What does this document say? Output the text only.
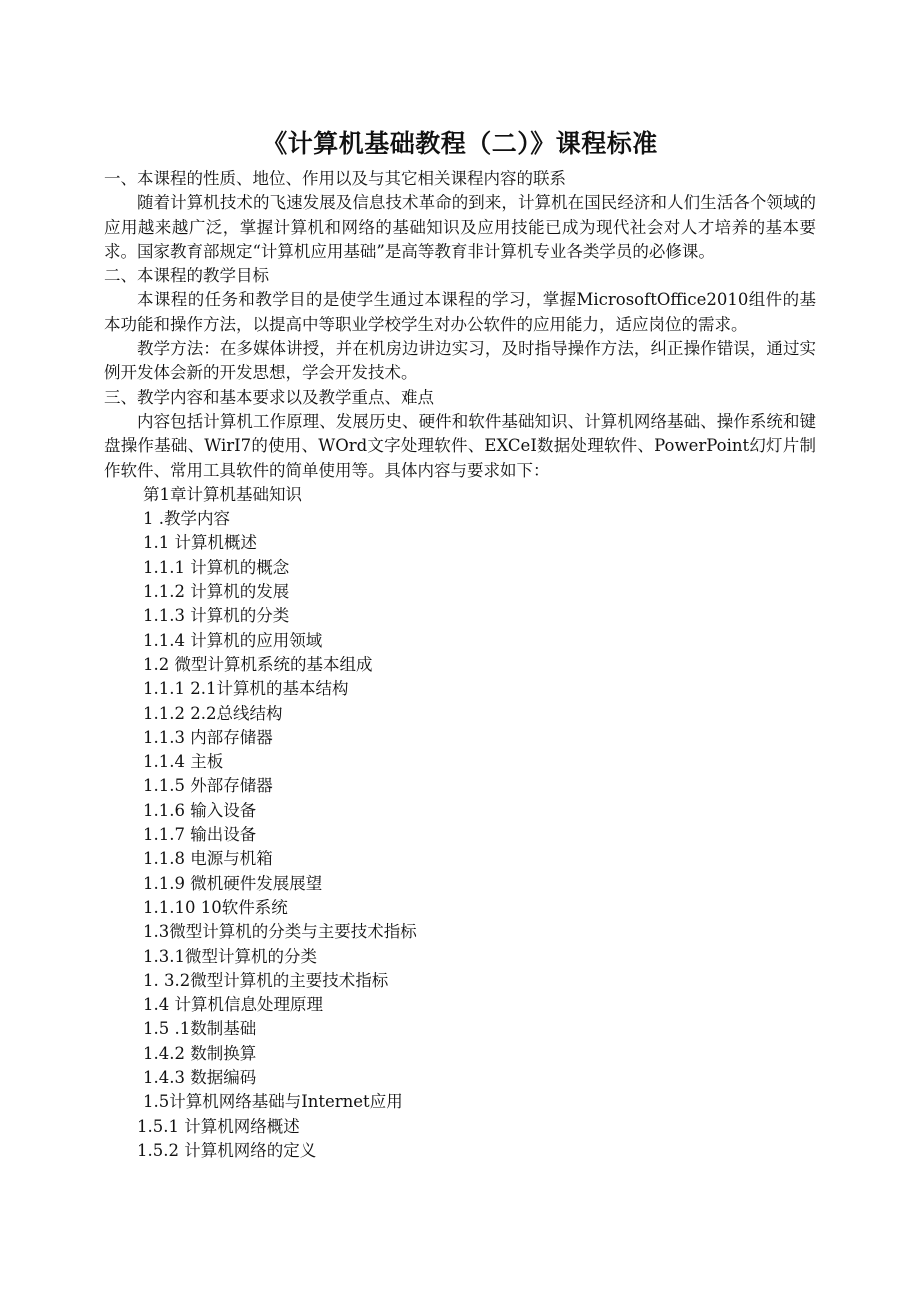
《计算机基础教程（二）》课程标准

一、本课程的性质、地位、作用以及与其它相关课程内容的联系

随着计算机技术的飞速发展及信息技术革命的到来，计算机在国民经济和人们生活各个领域的应用越来越广泛，掌握计算机和网络的基础知识及应用技能已成为现代社会对人才培养的基本要求。国家教育部规定“计算机应用基础”是高等教育非计算机专业各类学员的必修课。

二、本课程的教学目标

本课程的任务和教学目的是使学生通过本课程的学习，掌握MicrosoftOffice2010组件的基本功能和操作方法，以提高中等职业学校学生对办公软件的应用能力，适应岗位的需求。

教学方法：在多媒体讲授，并在机房边讲边实习，及时指导操作方法，纠正操作错误，通过实例开发体会新的开发思想，学会开发技术。

三、教学内容和基本要求以及教学重点、难点

内容包括计算机工作原理、发展历史、硬件和软件基础知识、计算机网络基础、操作系统和键盘操作基础、WirI7的使用、WOrd文字处理软件、EXCeI数据处理软件、PowerPoint幻灯片制作软件、常用工具软件的简单使用等。具体内容与要求如下：

第1章计算机基础知识
1 .教学内容
1.1 计算机概述
1.1.1 计算机的概念
1.1.2 计算机的发展
1.1.3 计算机的分类
1.1.4 计算机的应用领域
1.2 微型计算机系统的基本组成
1.1.1 2.1计算机的基本结构
1.1.2 2.2总线结构
1.1.3 内部存储器
1.1.4 主板
1.1.5 外部存储器
1.1.6 输入设备
1.1.7 输出设备
1.1.8 电源与机箱
1.1.9 微机硬件发展展望
1.1.10 10软件系统
1.3微型计算机的分类与主要技术指标
1.3.1微型计算机的分类
1. 3.2微型计算机的主要技术指标
1.4 计算机信息处理原理
1.5 .1数制基础
1.4.2 数制换算
1.4.3 数据编码
1.5计算机网络基础与Internet应用
1.5.1 计算机网络概述
1.5.2 计算机网络的定义
